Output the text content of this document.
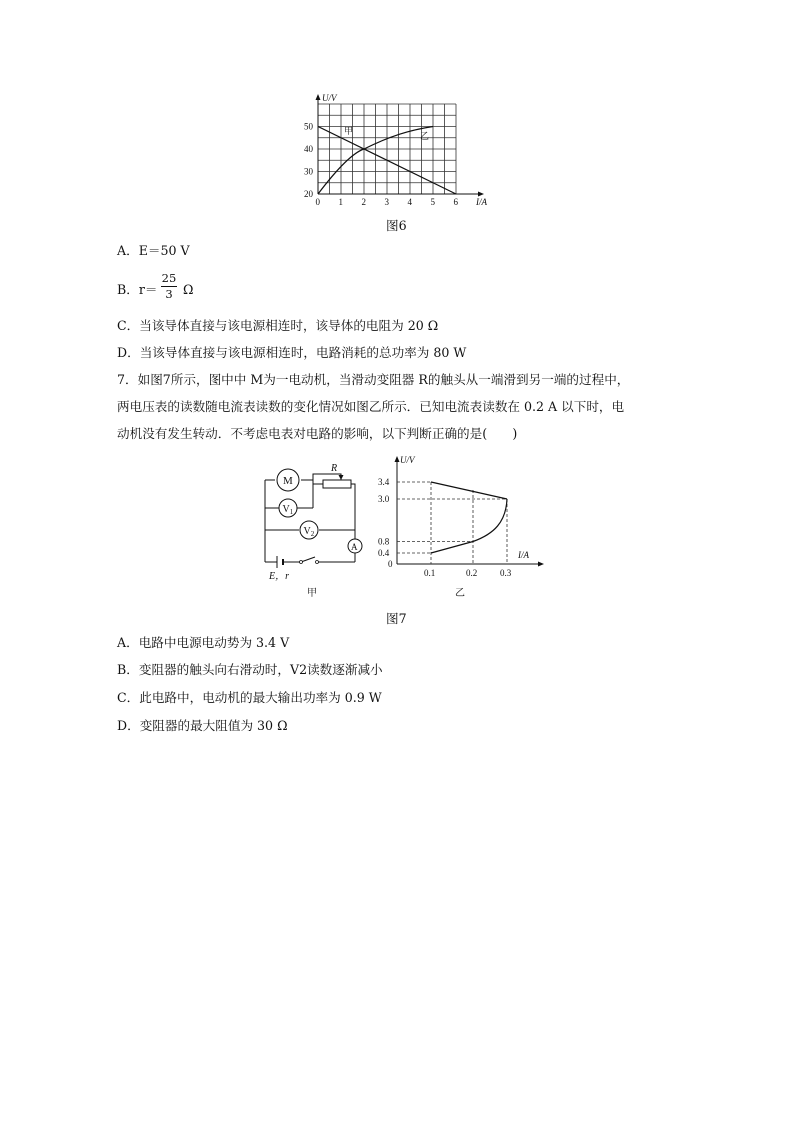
U/V
I/A
20
30
40
50
0 1 2 3 4 5 6
甲	乙
图6
A．E＝50 V
B．r＝
25
3 Ω
C．当该导体直接与该电源相连时，该导体的电阻为 20 Ω
D．当该导体直接与该电源相连时，电路消耗的总功率为 80 W
7．如图7所示，图中中 M为一电动机，当滑动变阻器 R的触头从一端滑到另一端的过程中，
两电压表的读数随电流表读数的变化情况如图乙所示．已知电流表读数在 0.2 A 以下时，电
动机没有发生转动．不考虑电表对电路的影响，以下判断正确的是(　　)
M
R
$V_1$
$V_2$
A
E，r
甲
U/V
I/A
3.4
3.0
0.8
0.4
0
0.1	0.2	0.3
乙
图7
A．电路中电源电动势为 3.4 V
B．变阻器的触头向右滑动时，V2读数逐渐减小
C．此电路中，电动机的最大输出功率为 0.9 W
D．变阻器的最大阻值为 30 Ω
